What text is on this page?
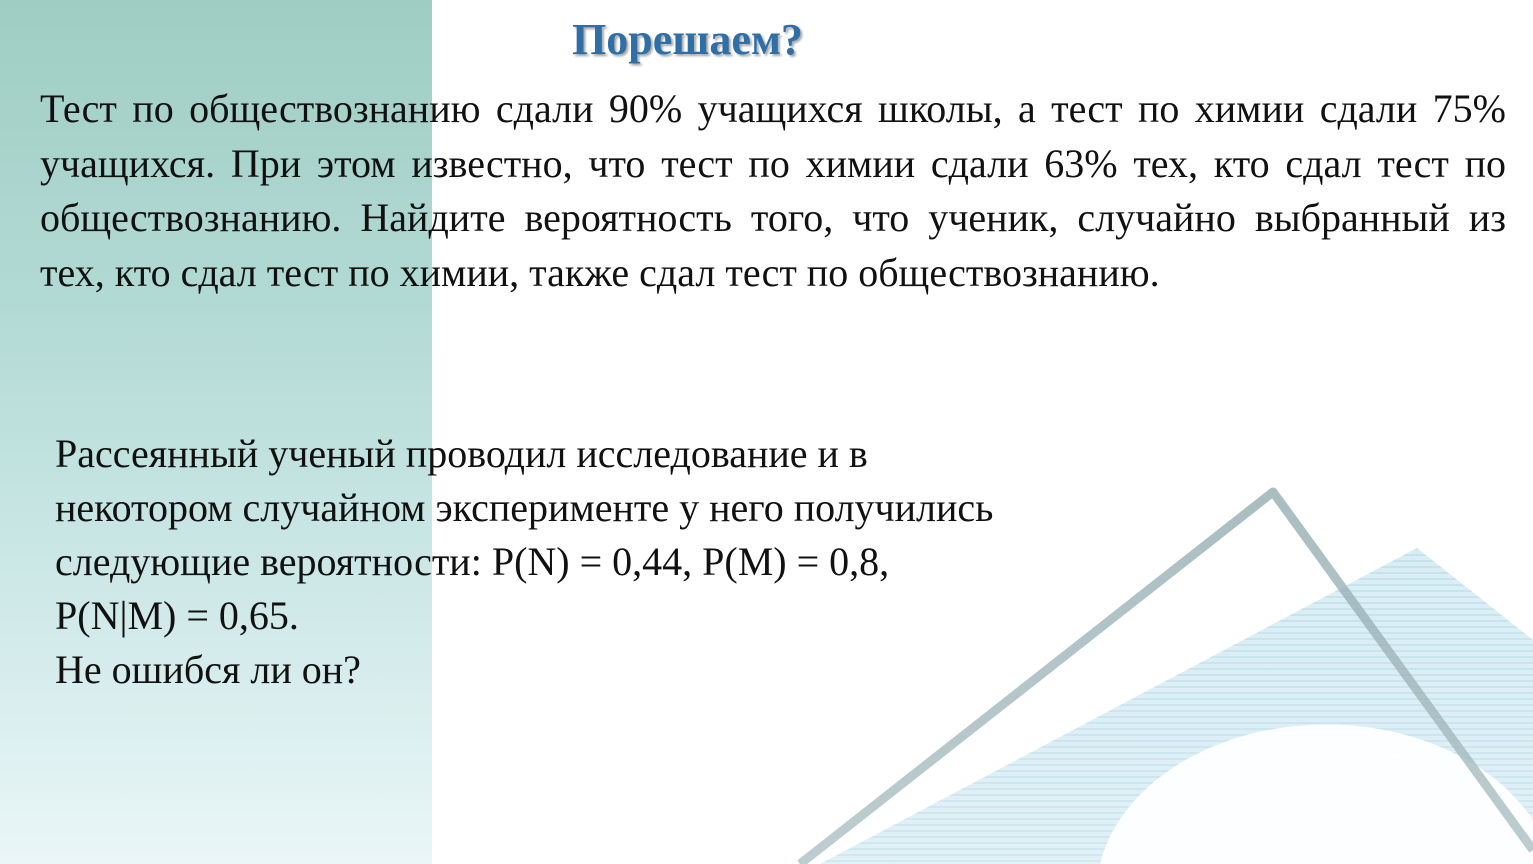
Порешаем?

Тест по обществознанию сдали 90% учащихся школы, а тест по химии сдали 75% учащихся. При этом известно, что тест по химии сдали 63% тех, кто сдал тест по обществознанию. Найдите вероятность того, что ученик, случайно выбранный из тех, кто сдал тест по химии, также сдал тест по обществознанию.

Рассеянный ученый проводил исследование и в
некотором случайном эксперименте у него получились
следующие вероятности: P(N) = 0,44, P(M) = 0,8,
P(N|M) = 0,65.
Не ошибся ли он?
